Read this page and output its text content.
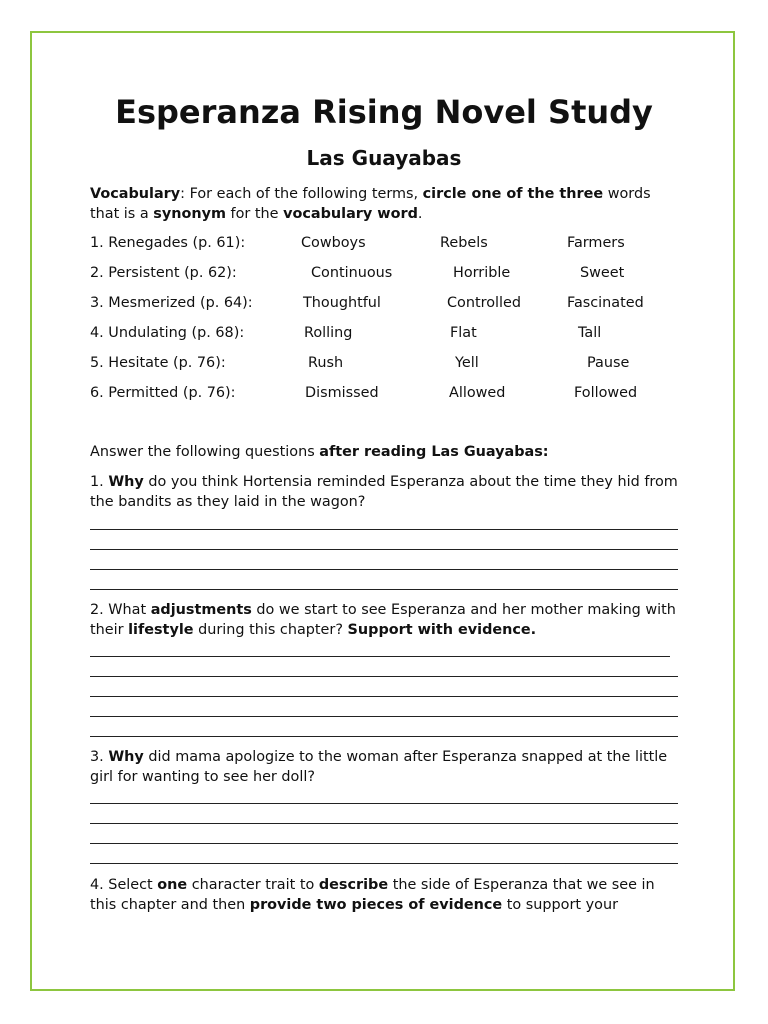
Esperanza Rising Novel Study
Las Guayabas

Vocabulary: For each of the following terms, circle one of the three words that is a synonym for the vocabulary word.

1. Renegades (p. 61):	Cowboys	Rebels	Farmers
2. Persistent (p. 62):	Continuous	Horrible	Sweet
3. Mesmerized (p. 64):	Thoughtful	Controlled	Fascinated
4. Undulating (p. 68):	Rolling	Flat	Tall
5. Hesitate (p. 76):	Rush	Yell	Pause
6. Permitted (p. 76):	Dismissed	Allowed	Followed

Answer the following questions after reading Las Guayabas:

1. Why do you think Hortensia reminded Esperanza about the time they hid from the bandits as they laid in the wagon?

2. What adjustments do we start to see Esperanza and her mother making with their lifestyle during this chapter? Support with evidence.

3. Why did mama apologize to the woman after Esperanza snapped at the little girl for wanting to see her doll?

4. Select one character trait to describe the side of Esperanza that we see in this chapter and then provide two pieces of evidence to support your
